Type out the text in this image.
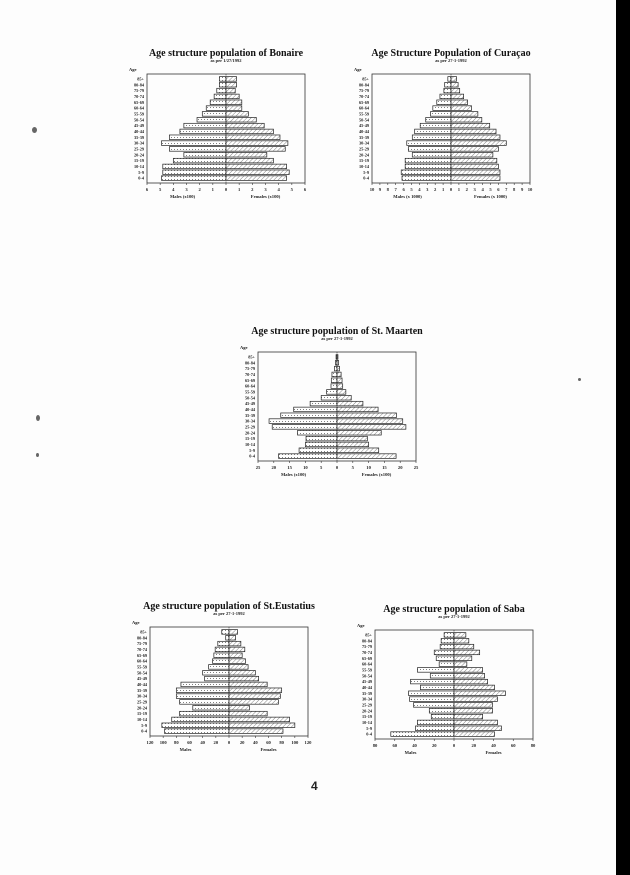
Age structure population of Bonaire
as per 1/27/1992
Age
85+
80-84
75-79
70-74
65-69
60-64
55-59
50-54
45-49
40-44
35-39
30-34
25-29
20-24
15-19
10-14
5-9
0-4
6 5 4 3 2 1 0 1 2 3 4 5 6
Males (x100)	Females (x100)
Age Structure Population of Curaçao
as per 27-1-1992
Age
85+
80-84
75-79
70-74
65-69
60-64
55-59
50-54
45-49
40-44
35-39
30-34
25-29
20-24
15-19
10-14
5-9
0-4
10 9 8 7 6 5 4 3 2 1 0 1 2 3 4 5 6 7 8 9 10
Males (x 1000)	Females (x 1000)
Age structure population of St. Maarten
as per 27-1-1992
Age
85+
80-84
75-79
70-74
65-69
60-64
55-59
50-54
45-49
40-44
35-39
30-34
25-29
20-24
15-19
10-14
5-9
0-4
25 20 15 10	5	0	5	10 15 20 25
Males (x100)	Females (x100)
Age structure population of St.Eustatius
as per 27-1-1992
Age
85+
80-84
75-79
70-74
65-69
60-64
55-59
50-54
45-49
40-44
35-39
30-34
25-29
20-24
15-19
10-14
5-9
0-4
120 100 80 60 40 20 0 20 40 60 80 100 120
Males	Females
Age structure population of Saba
as per 27-1-1992
Age
85+
80-84
75-79
70-74
65-69
60-64
55-59
50-54
45-49
40-44
35-39
30-34
25-29
20-24
15-19
10-14
5-9
0-4
80	60	40	20	0	20	40	60	80
Males	Females
4
